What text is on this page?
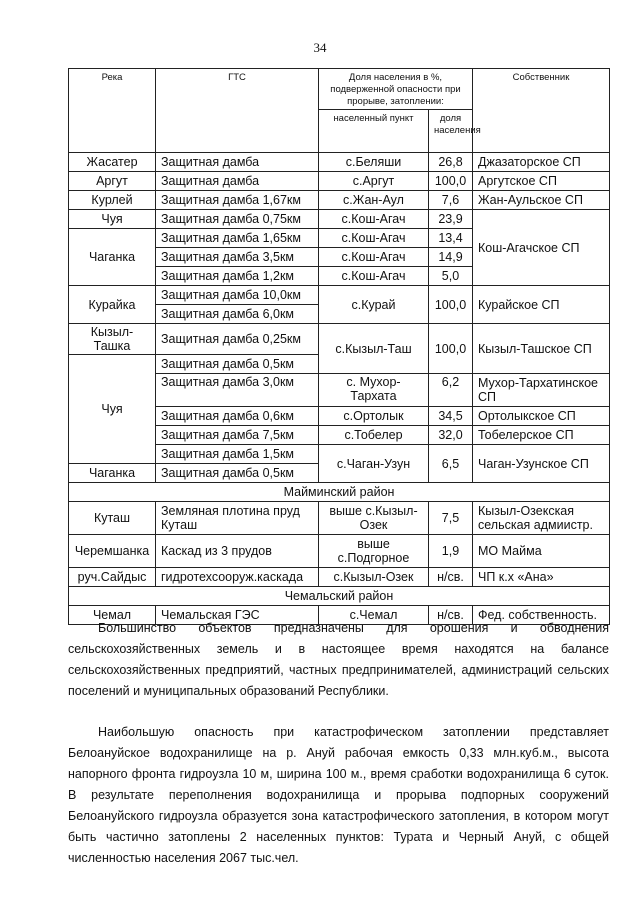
34
Река	ГТС	Доля населения в %, подверженной опасности при прорыве, затоплении:		Собственник
		населенный пункт	доля населения	
Жасатер	Защитная дамба	с.Беляши	26,8	Джазаторское СП
Аргут	Защитная дамба	с.Аргут	100,0	Аргутское СП
Курлей	Защитная дамба 1,67км	с.Жан-Аул	7,6	Жан-Аульское СП
Чуя	Защитная дамба 0,75км	с.Кош-Агач	23,9	Кош-Агачское СП
Чаганка	Защитная дамба 1,65км	с.Кош-Агач	13,4	
	Защитная дамба 3,5км	с.Кош-Агач	14,9	
	Защитная дамба 1,2км	с.Кош-Агач	5,0	
Курайка	Защитная дамба 10,0км	с.Курай	100,0	Курайское СП
	Защитная дамба 6,0км			
Кызыл-Ташка	Защитная дамба 0,25км	с.Кызыл-Таш	100,0	Кызыл-Ташское СП
Чуя	Защитная дамба 0,5км			
	Защитная дамба 3,0км	с. Мухор-Тархата	6,2	Мухор-Тархатинское СП
	Защитная дамба 0,6км	с.Ортолык	34,5	Ортолыкское СП
	Защитная дамба 7,5км	с.Тобелер	32,0	Тобелерское СП
	Защитная дамба 1,5км	с.Чаган-Узун	6,5	Чаган-Узунское СП
Чаганка	Защитная дамба 0,5км			
Майминский район				
Куташ	Земляная плотина пруд Куташ	выше с.Кызыл-Озек	7,5	Кызыл-Озекская сельская адмиистр.
Черемшанка	Каскад из 3 прудов	выше с.Подгорное	1,9	МО Майма
руч.Сайдыс	гидротехсооруж.каскада	с.Кызыл-Озек	н/св.	ЧП к.х «Ана»
Чемальский район				
Чемал	Чемальская ГЭС	с.Чемал	н/св.	Фед. собственность.

Большинство объектов предназначены для орошения и обводнения сельскохозяйственных земель и в настоящее время находятся на балансе сельскохозяйственных предприятий, частных предпринимателей, администраций сельских поселений и муниципальных образований Республики.

Наибольшую опасность при катастрофическом затоплении представляет Белоануйское водохранилище на р. Ануй рабочая емкость 0,33 млн.куб.м., высота напорного фронта гидроузла 10 м, ширина 100 м., время сработки водохранилища 6 суток. В результате переполнения водохранилища и прорыва подпорных сооружений Белоануйского гидроузла образуется зона катастрофического затопления, в котором могут быть частично затоплены 2 населенных пунктов: Турата и Черный Ануй, с общей численностью населения 2067 тыс.чел.
